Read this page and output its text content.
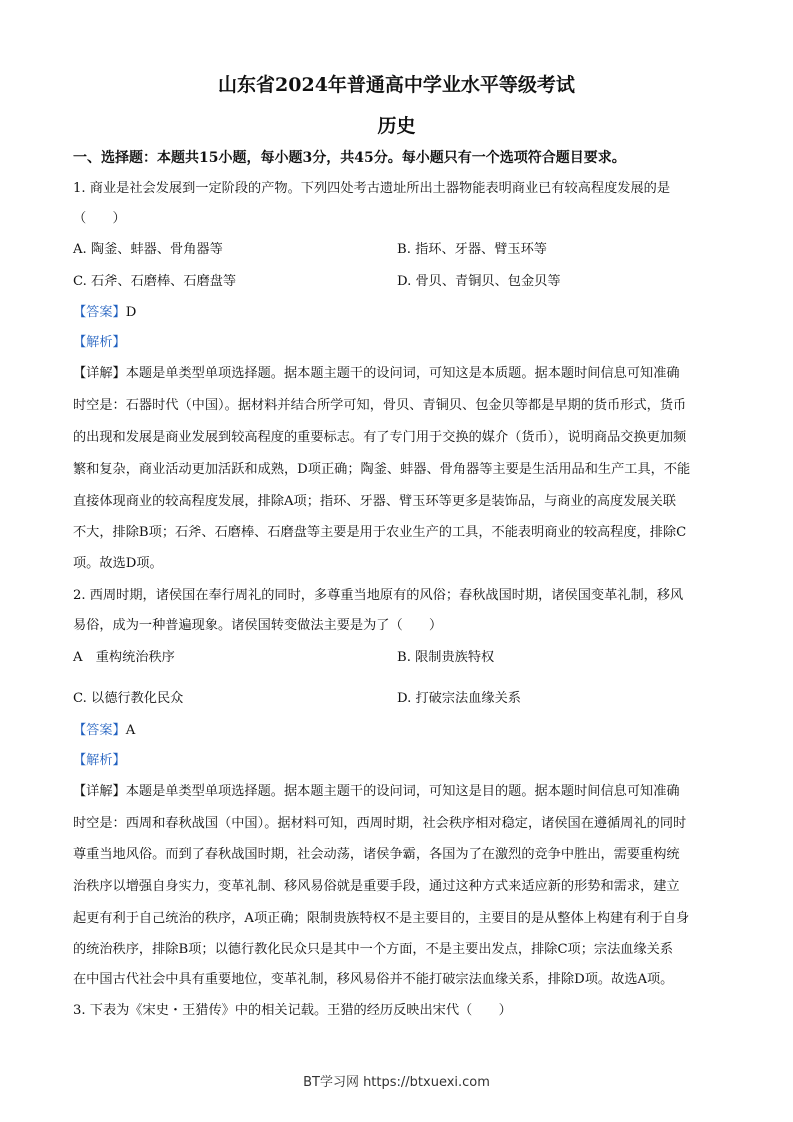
山东省2024年普通高中学业水平等级考试
历史
一、选择题：本题共15小题，每小题3分，共45分。每小题只有一个选项符合题目要求。
1. 商业是社会发展到一定阶段的产物。下列四处考古遗址所出土器物能表明商业已有较高程度发展的是
（　　）
A. 陶釜、蚌器、骨角器等	B. 指环、牙器、臂玉环等
C. 石斧、石磨棒、石磨盘等	D. 骨贝、青铜贝、包金贝等
【答案】D
【解析】
【详解】本题是单类型单项选择题。据本题主题干的设问词，可知这是本质题。据本题时间信息可知准确
时空是：石器时代（中国）。据材料并结合所学可知，骨贝、青铜贝、包金贝等都是早期的货币形式，货币
的出现和发展是商业发展到较高程度的重要标志。有了专门用于交换的媒介（货币），说明商品交换更加频
繁和复杂，商业活动更加活跃和成熟，D项正确；陶釜、蚌器、骨角器等主要是生活用品和生产工具，不能
直接体现商业的较高程度发展，排除A项；指环、牙器、臂玉环等更多是装饰品，与商业的高度发展关联
不大，排除B项；石斧、石磨棒、石磨盘等主要是用于农业生产的工具，不能表明商业的较高程度，排除C
项。故选D项。
2. 西周时期，诸侯国在奉行周礼的同时，多尊重当地原有的风俗；春秋战国时期，诸侯国变革礼制，移风
易俗，成为一种普遍现象。诸侯国转变做法主要是为了（　　）
A　重构统治秩序	B. 限制贵族特权
C. 以德行教化民众	D. 打破宗法血缘关系
【答案】A
【解析】
【详解】本题是单类型单项选择题。据本题主题干的设问词，可知这是目的题。据本题时间信息可知准确
时空是：西周和春秋战国（中国）。据材料可知，西周时期，社会秩序相对稳定，诸侯国在遵循周礼的同时
尊重当地风俗。而到了春秋战国时期，社会动荡，诸侯争霸，各国为了在激烈的竞争中胜出，需要重构统
治秩序以增强自身实力，变革礼制、移风易俗就是重要手段，通过这种方式来适应新的形势和需求，建立
起更有利于自己统治的秩序，A项正确；限制贵族特权不是主要目的，主要目的是从整体上构建有利于自身
的统治秩序，排除B项；以德行教化民众只是其中一个方面，不是主要出发点，排除C项；宗法血缘关系
在中国古代社会中具有重要地位，变革礼制，移风易俗并不能打破宗法血缘关系，排除D项。故选A项。
3. 下表为《宋史・王猎传》中的相关记载。王猎的经历反映出宋代（　　）
BT学习网 https://btxuexi.com
